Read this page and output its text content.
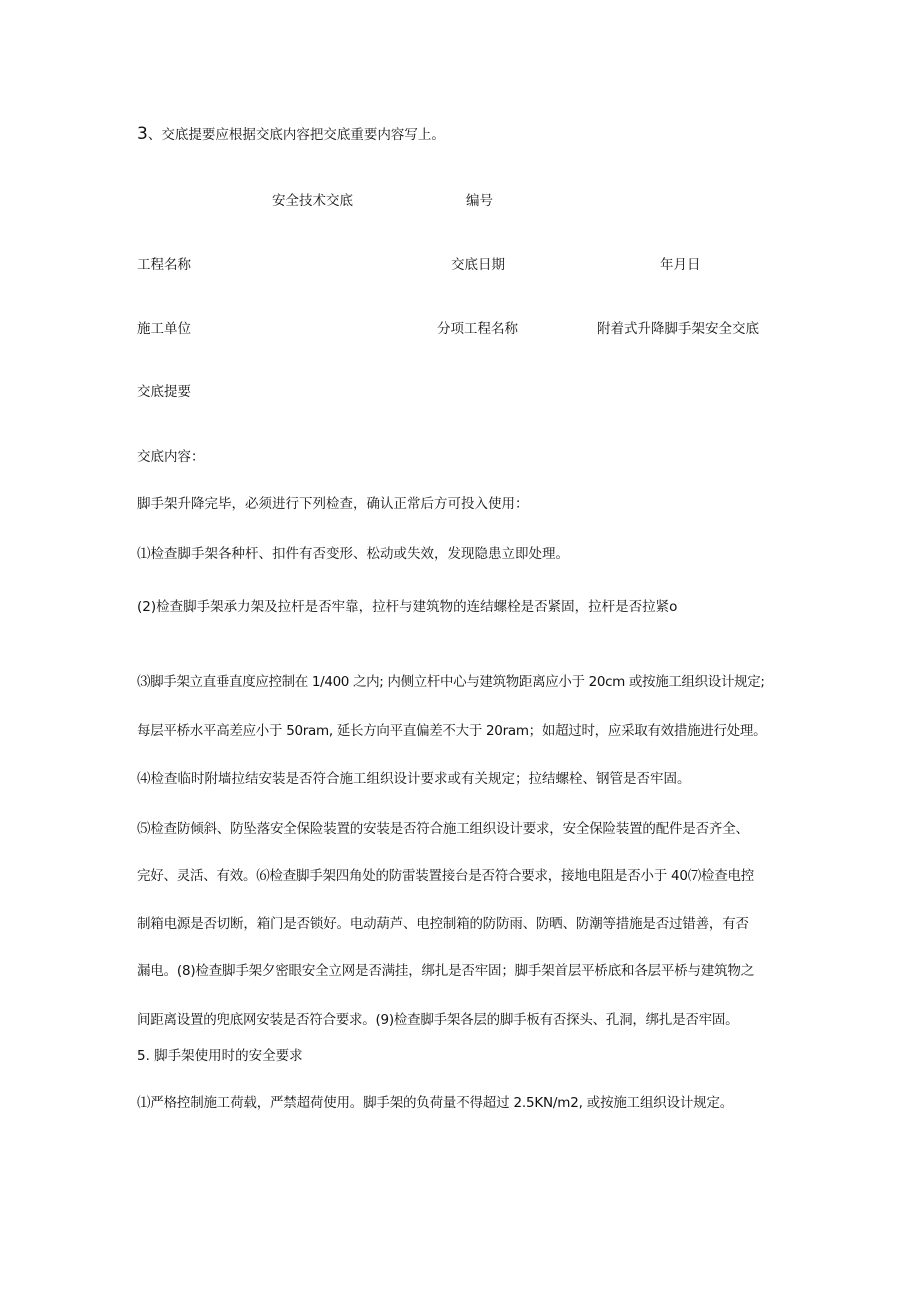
3、交底提要应根据交底内容把交底重要内容写上。

安全技术交底	编号

工程名称	交底日期	年月日

施工单位	分项工程名称	附着式升降脚手架安全交底

交底提要

交底内容：

脚手架升降完毕，必须进行下列检查，确认正常后方可投入使用：

⑴检查脚手架各种杆、扣件有否变形、松动或失效，发现隐患立即处理。

(2)检查脚手架承力架及拉杆是否牢靠，拉杆与建筑物的连结螺栓是否紧固，拉杆是否拉紧o

⑶脚手架立直垂直度应控制在 1/400 之内; 内侧立杆中心与建筑物距离应小于 20cm 或按施工组织设计规定;

每层平桥水平高差应小于 50ram, 延长方向平直偏差不大于 20ram；如超过时，应采取有效措施进行处理。

⑷检查临时附墙拉结安装是否符合施工组织设计要求或有关规定；拉结螺栓、钢管是否牢固。

⑸检查防倾斜、防坠落安全保险装置的安装是否符合施工组织设计要求，安全保险装置的配件是否齐全、

完好、灵活、有效。⑹检查脚手架四角处的防雷装置接台是否符合要求，接地电阻是否小于 40⑺检查电控

制箱电源是否切断，箱门是否锁好。电动葫芦、电控制箱的防防雨、防晒、防潮等措施是否过错善，有否

漏电。(8)检查脚手架夕密眼安全立网是否满挂，绑扎是否牢固；脚手架首层平桥底和各层平桥与建筑物之

间距离设置的兜底网安装是否符合要求。(9)检查脚手架各层的脚手板有否探头、孔洞，绑扎是否牢固。

5. 脚手架使用时的安全要求

⑴严格控制施工荷载，严禁超荷使用。脚手架的负荷量不得超过 2.5KN∕m2, 或按施工组织设计规定。
